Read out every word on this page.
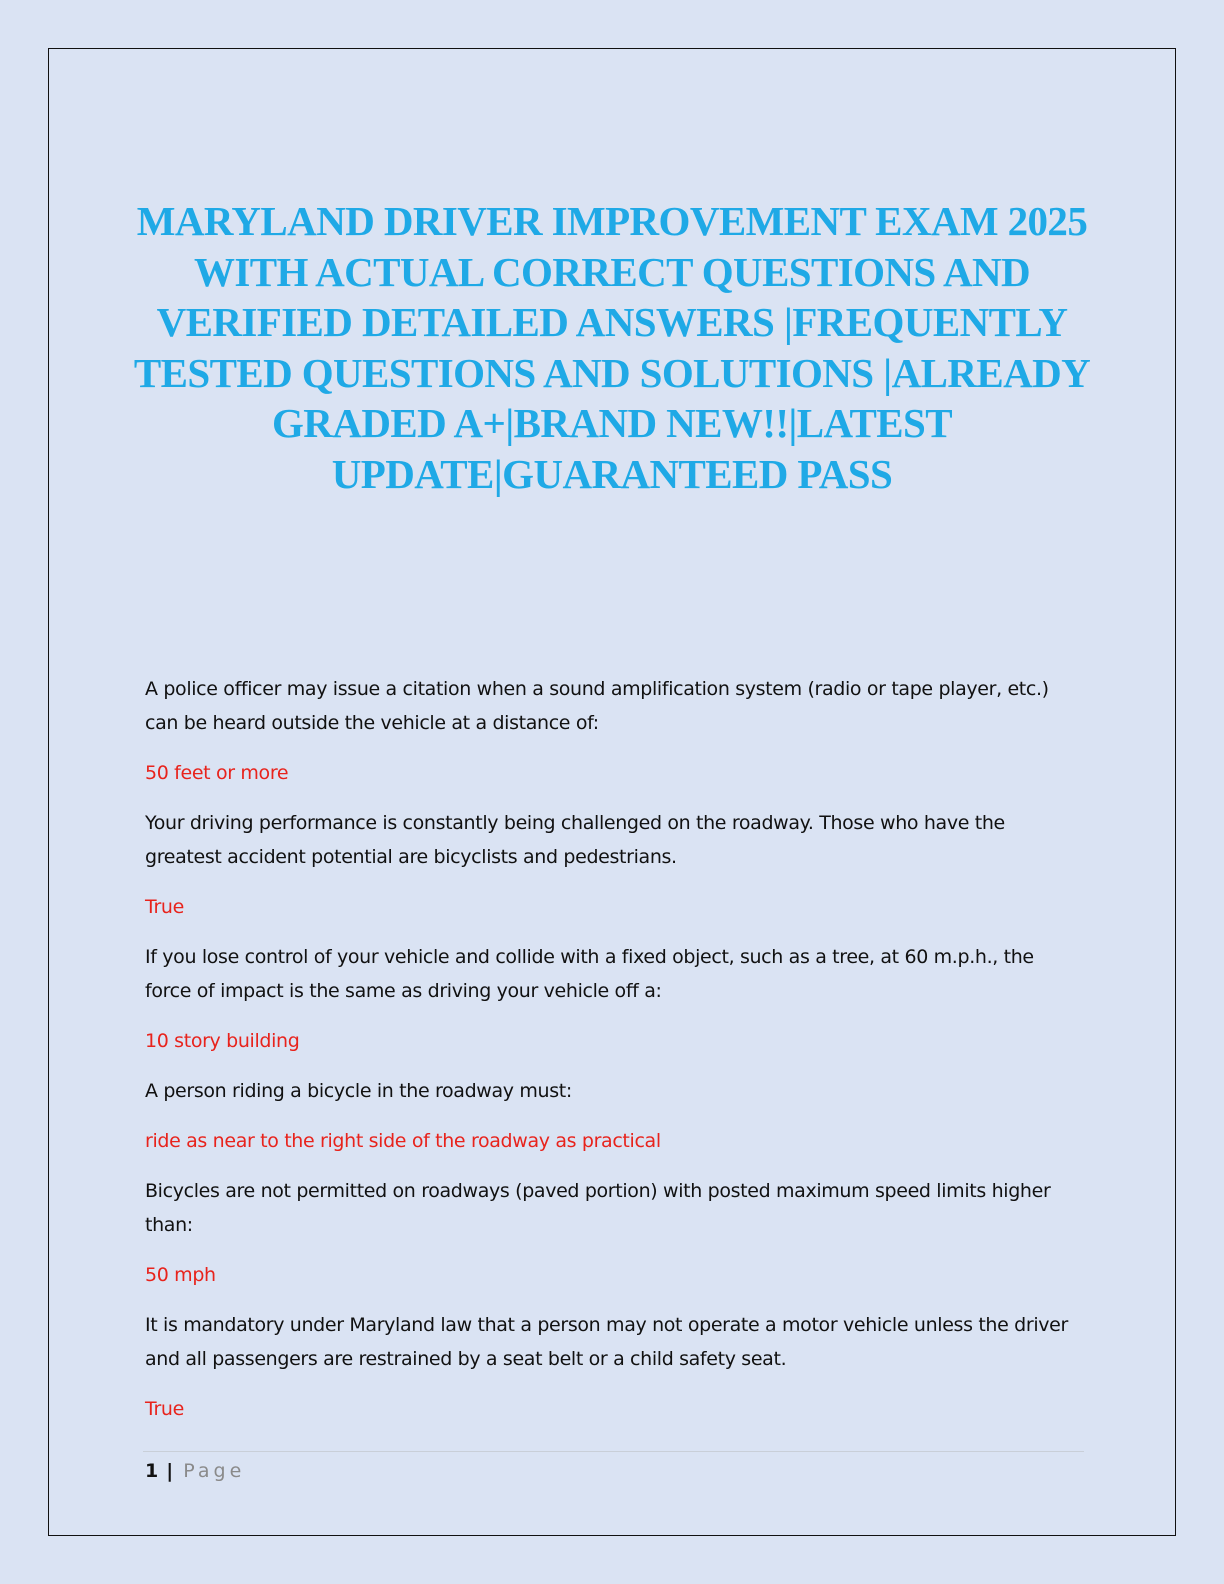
MARYLAND DRIVER IMPROVEMENT EXAM 2025 WITH ACTUAL CORRECT QUESTIONS AND VERIFIED DETAILED ANSWERS |FREQUENTLY TESTED QUESTIONS AND SOLUTIONS |ALREADY GRADED A+|BRAND NEW!!|LATEST UPDATE|GUARANTEED PASS

A police officer may issue a citation when a sound amplification system (radio or tape player, etc.) can be heard outside the vehicle at a distance of:

50 feet or more

Your driving performance is constantly being challenged on the roadway. Those who have the greatest accident potential are bicyclists and pedestrians.

True

If you lose control of your vehicle and collide with a fixed object, such as a tree, at 60 m.p.h., the force of impact is the same as driving your vehicle off a:

10 story building

A person riding a bicycle in the roadway must:

ride as near to the right side of the roadway as practical

Bicycles are not permitted on roadways (paved portion) with posted maximum speed limits higher than:

50 mph

It is mandatory under Maryland law that a person may not operate a motor vehicle unless the driver and all passengers are restrained by a seat belt or a child safety seat.

True

1 | Page
